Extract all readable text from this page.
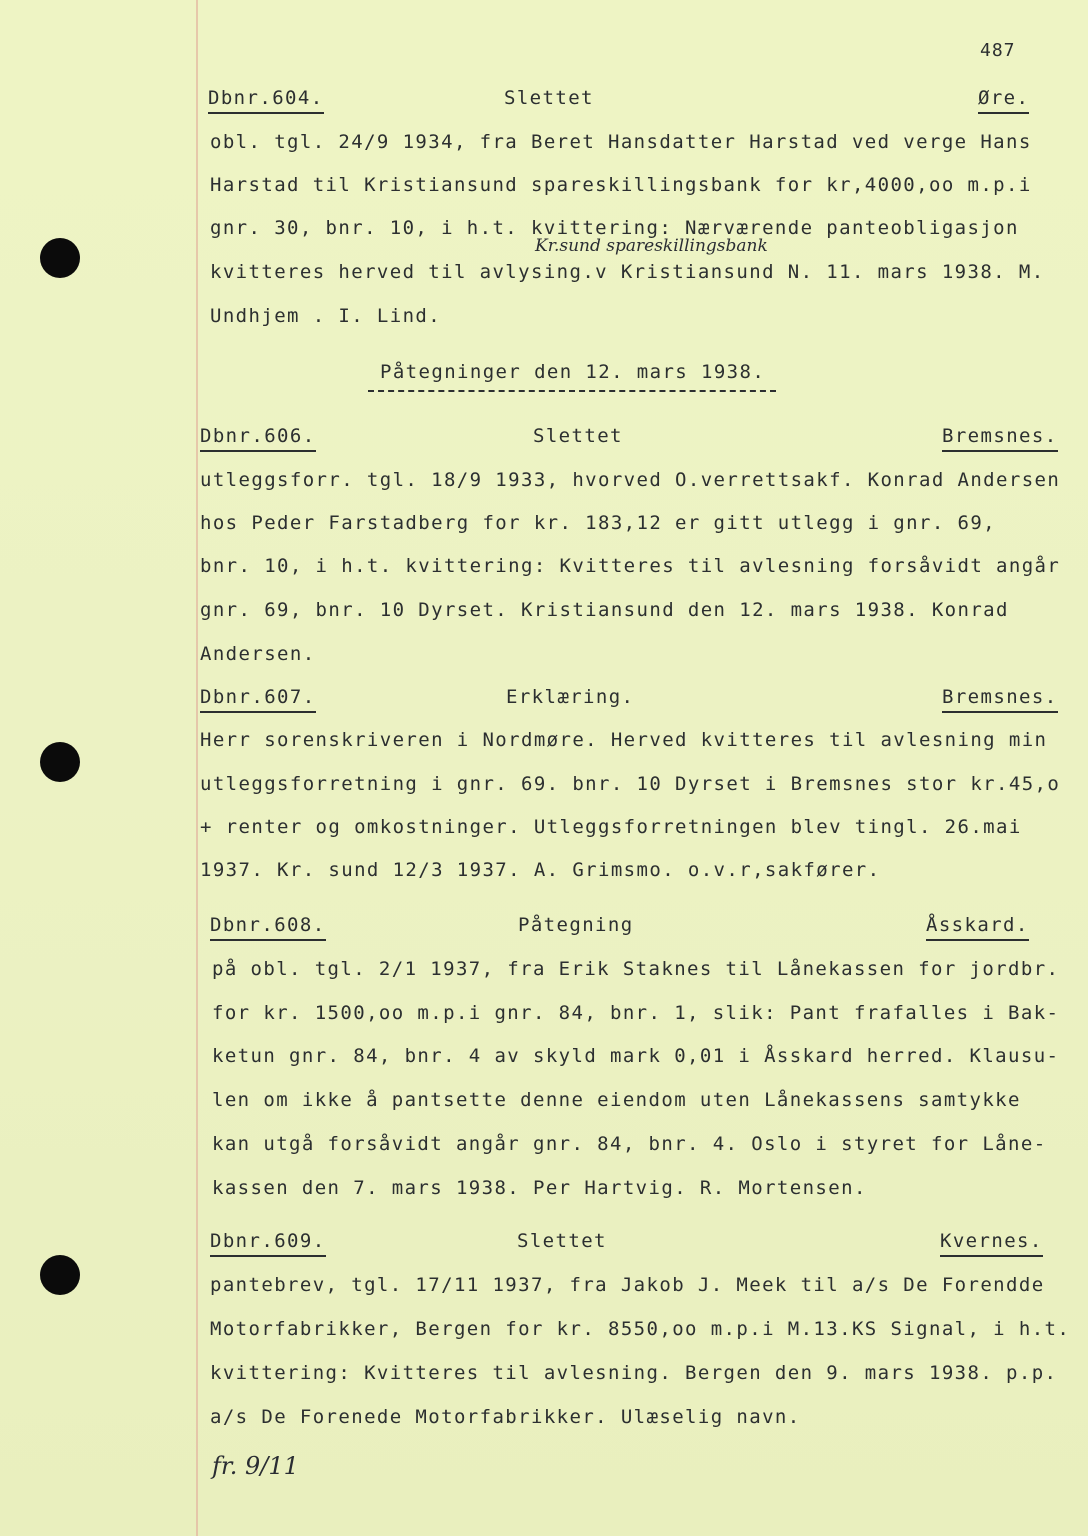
487
Dbnr.604.	Slettet	Øre.
obl. tgl. 24/9 1934, fra Beret Hansdatter Harstad ved verge Hans
Harstad til Kristiansund spareskillingsbank for kr,4000,oo m.p.i
gnr. 30, bnr. 10, i h.t. kvittering: Nærværende panteobligasjon
Kr.sund spareskillingsbank
kvitteres herved til avlysing.v Kristiansund N. 11. mars 1938. M.
Undhjem . I. Lind.
Påtegninger den 12. mars 1938.
Dbnr.606.	Slettet	Bremsnes.
utleggsforr. tgl. 18/9 1933, hvorved O.verrettsakf. Konrad Andersen
hos Peder Farstadberg for kr. 183,12 er gitt utlegg i gnr. 69,
bnr. 10, i h.t. kvittering: Kvitteres til avlesning forsåvidt angår
gnr. 69, bnr. 10 Dyrset. Kristiansund den 12. mars 1938. Konrad
Andersen.
Dbnr.607.	Erklæring.	Bremsnes.
Herr sorenskriveren i Nordmøre. Herved kvitteres til avlesning min
utleggsforretning i gnr. 69. bnr. 10 Dyrset i Bremsnes stor kr.45,o
+ renter og omkostninger. Utleggsforretningen blev tingl. 26.mai
1937. Kr. sund 12/3 1937. A. Grimsmo. o.v.r,sakfører.
Dbnr.608.	Påtegning	Åsskard.
på obl. tgl. 2/1 1937, fra Erik Staknes til Lånekassen for jordbr.
for kr. 1500,oo m.p.i gnr. 84, bnr. 1, slik: Pant frafalles i Bak-
ketun gnr. 84, bnr. 4 av skyld mark 0,01 i Åsskard herred. Klausu-
len om ikke å pantsette denne eiendom uten Lånekassens samtykke
kan utgå forsåvidt angår gnr. 84, bnr. 4. Oslo i styret for Låne-
kassen den 7. mars 1938. Per Hartvig. R. Mortensen.
Dbnr.609.	Slettet	Kvernes.
pantebrev, tgl. 17/11 1937, fra Jakob J. Meek til a/s De Forendde
Motorfabrikker, Bergen for kr. 8550,oo m.p.i M.13.KS Signal, i h.t.
kvittering: Kvitteres til avlesning. Bergen den 9. mars 1938. p.p.
a/s De Forenede Motorfabrikker. Ulæselig navn.
fr. 9/11
